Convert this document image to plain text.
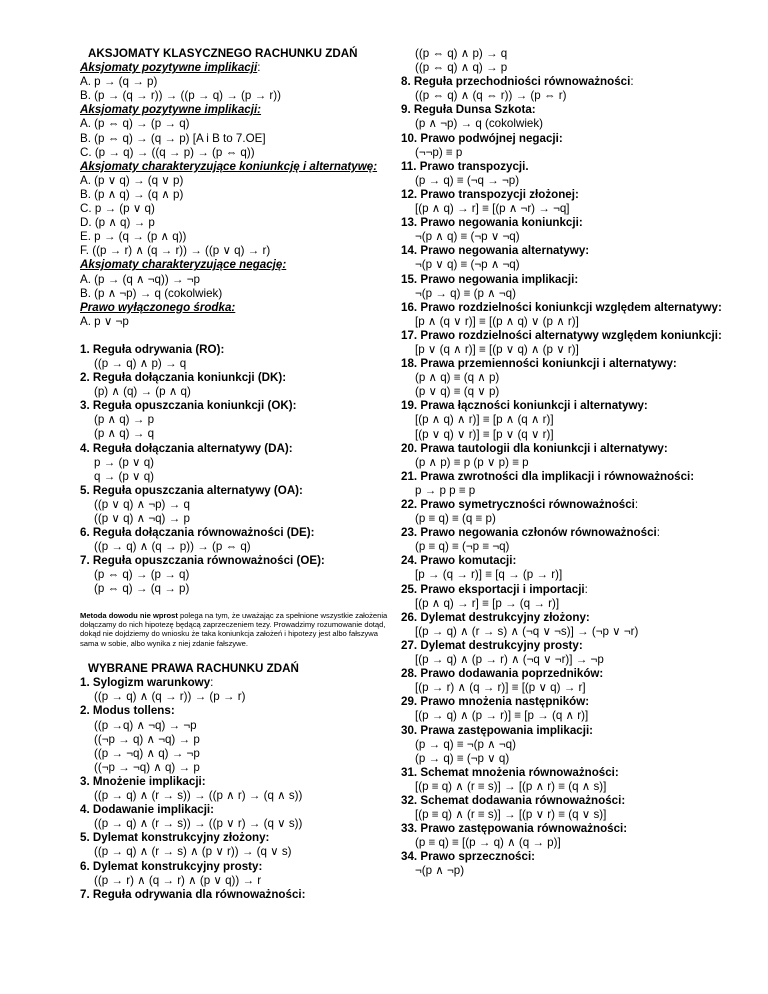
AKSJOMATY KLASYCZNEGO RACHUNKU ZDAŃ
Aksjomaty pozytywne implikacji:
A. p → (q → p)
B. (p → (q → r)) → ((p → q) → (p → r))
Aksjomaty pozytywne implikacji:
A. (p ⇔ q) → (p → q)
B. (p ⇔ q) → (q → p) [A i B to 7.OE]
C. (p → q) → ((q → p) → (p ⇔ q))
Aksjomaty charakteryzujące koniunkcję i alternatywę:
A. (p ∨ q) → (q ∨ p)
B. (p ∧ q) → (q ∧ p)
C. p → (p ∨ q)
D. (p ∧ q) → p
E. p → (q → (p ∧ q))
F. ((p → r) ∧ (q → r)) → ((p ∨ q) → r)
Aksjomaty charakteryzujące negację:
A. (p → (q ∧ ¬q)) → ¬p
B. (p ∧ ¬p) → q (cokolwiek)
Prawo wyłączonego środka:
A. p ∨ ¬p
1. Reguła odrywania (RO):
((p → q) ∧ p) → q
2. Reguła dołączania koniunkcji (DK):
(p) ∧ (q) → (p ∧ q)
3. Reguła opuszczania koniunkcji (OK):
(p ∧ q) → p
(p ∧ q) → q
4. Reguła dołączania alternatywy (DA):
p → (p ∨ q)
q → (p ∨ q)
5. Reguła opuszczania alternatywy (OA):
((p ∨ q) ∧ ¬p) → q
((p ∨ q) ∧ ¬q) → p
6. Reguła dołączania równoważności (DE):
((p → q) ∧ (q → p)) → (p ⇔ q)
7. Reguła opuszczania równoważności (OE):
(p ⇔ q) → (p → q)
(p ⇔ q) → (q → p)
Metoda dowodu nie wprost polega na tym, że uważając za spełnione wszystkie założenia dołączamy do nich hipotezę będącą zaprzeczeniem tezy. Prowadzimy rozumowanie dotąd, dokąd nie dojdziemy do wniosku że taka koniunkcja założeń i hipotezy jest albo fałszywa sama w sobie, albo wynika z niej zdanie fałszywe.
WYBRANE PRAWA RACHUNKU ZDAŃ
1. Sylogizm warunkowy:
((p → q) ∧ (q → r)) → (p → r)
2. Modus tollens:
((p →q) ∧ ¬q) → ¬p
((¬p → q) ∧ ¬q) → p
((p → ¬q) ∧ q) → ¬p
((¬p → ¬q) ∧ q) → p
3. Mnożenie implikacji:
((p → q) ∧ (r → s)) → ((p ∧ r) → (q ∧ s))
4. Dodawanie implikacji:
((p → q) ∧ (r → s)) → ((p ∨ r) → (q ∨ s))
5. Dylemat konstrukcyjny złożony:
((p → q) ∧ (r → s) ∧ (p ∨ r)) → (q ∨ s)
6. Dylemat konstrukcyjny prosty:
((p → r) ∧ (q → r) ∧ (p ∨ q)) → r
7. Reguła odrywania dla równoważności:
((p ⇔ q) ∧ p) → q
((p ⇔ q) ∧ q) → p
8. Reguła przechodniości równoważności:
((p ⇔ q) ∧ (q ⇔ r)) → (p ⇔ r)
9. Reguła Dunsa Szkota:
(p ∧ ¬p) → q (cokolwiek)
10. Prawo podwójnej negacji:
(¬¬p) ≡ p
11. Prawo transpozycji.
(p → q) ≡ (¬q → ¬p)
12. Prawo transpozycji złożonej:
[(p ∧ q) → r] ≡ [(p ∧ ¬r) → ¬q]
13. Prawo negowania koniunkcji:
¬(p ∧ q) ≡ (¬p ∨ ¬q)
14. Prawo negowania alternatywy:
¬(p ∨ q) ≡ (¬p ∧ ¬q)
15. Prawo negowania implikacji:
¬(p → q) ≡ (p ∧ ¬q)
16. Prawo rozdzielności koniunkcji względem alternatywy:
[p ∧ (q ∨ r)] ≡ [(p ∧ q) ∨ (p ∧ r)]
17. Prawo rozdzielności alternatywy względem koniunkcji:
[p ∨ (q ∧ r)] ≡ [(p ∨ q) ∧ (p ∨ r)]
18. Prawa przemienności koniunkcji i alternatywy:
(p ∧ q) ≡ (q ∧ p)
(p ∨ q) ≡ (q ∨ p)
19. Prawa łączności koniunkcji i alternatywy:
[(p ∧ q) ∧ r)] ≡ [p ∧ (q ∧ r)]
[(p ∨ q) ∨ r)] ≡ [p ∨ (q ∨ r)]
20. Prawa tautologii dla koniunkcji i alternatywy:
(p ∧ p) ≡ p (p ∨ p) ≡ p
21. Prawa zwrotności dla implikacji i równoważności:
p → p p ≡ p
22. Prawo symetryczności równoważności:
(p ≡ q) ≡ (q ≡ p)
23. Prawo negowania członów równoważności:
(p ≡ q) ≡ (¬p ≡ ¬q)
24. Prawo komutacji:
[p → (q → r)] ≡ [q → (p → r)]
25. Prawo eksportacji i importacji:
[(p ∧ q) → r] ≡ [p → (q → r)]
26. Dylemat destrukcyjny złożony:
[(p → q) ∧ (r → s) ∧ (¬q ∨ ¬s)] → (¬p ∨ ¬r)
27. Dylemat destrukcyjny prosty:
[(p → q) ∧ (p → r) ∧ (¬q ∨ ¬r)] → ¬p
28. Prawo dodawania poprzedników:
[(p → r) ∧ (q → r)] ≡ [(p ∨ q) → r]
29. Prawo mnożenia następników:
[(p → q) ∧ (p → r)] ≡ [p → (q ∧ r)]
30. Prawa zastępowania implikacji:
(p → q) ≡ ¬(p ∧ ¬q)
(p → q) ≡ (¬p ∨ q)
31. Schemat mnożenia równoważności:
[(p ≡ q) ∧ (r ≡ s)] → [(p ∧ r) ≡ (q ∧ s)]
32. Schemat dodawania równoważności:
[(p ≡ q) ∧ (r ≡ s)] → [(p ∨ r) ≡ (q ∨ s)]
33. Prawo zastępowania równoważności:
(p ≡ q) ≡ [(p → q) ∧ (q → p)]
34. Prawo sprzeczności:
¬(p ∧ ¬p)
